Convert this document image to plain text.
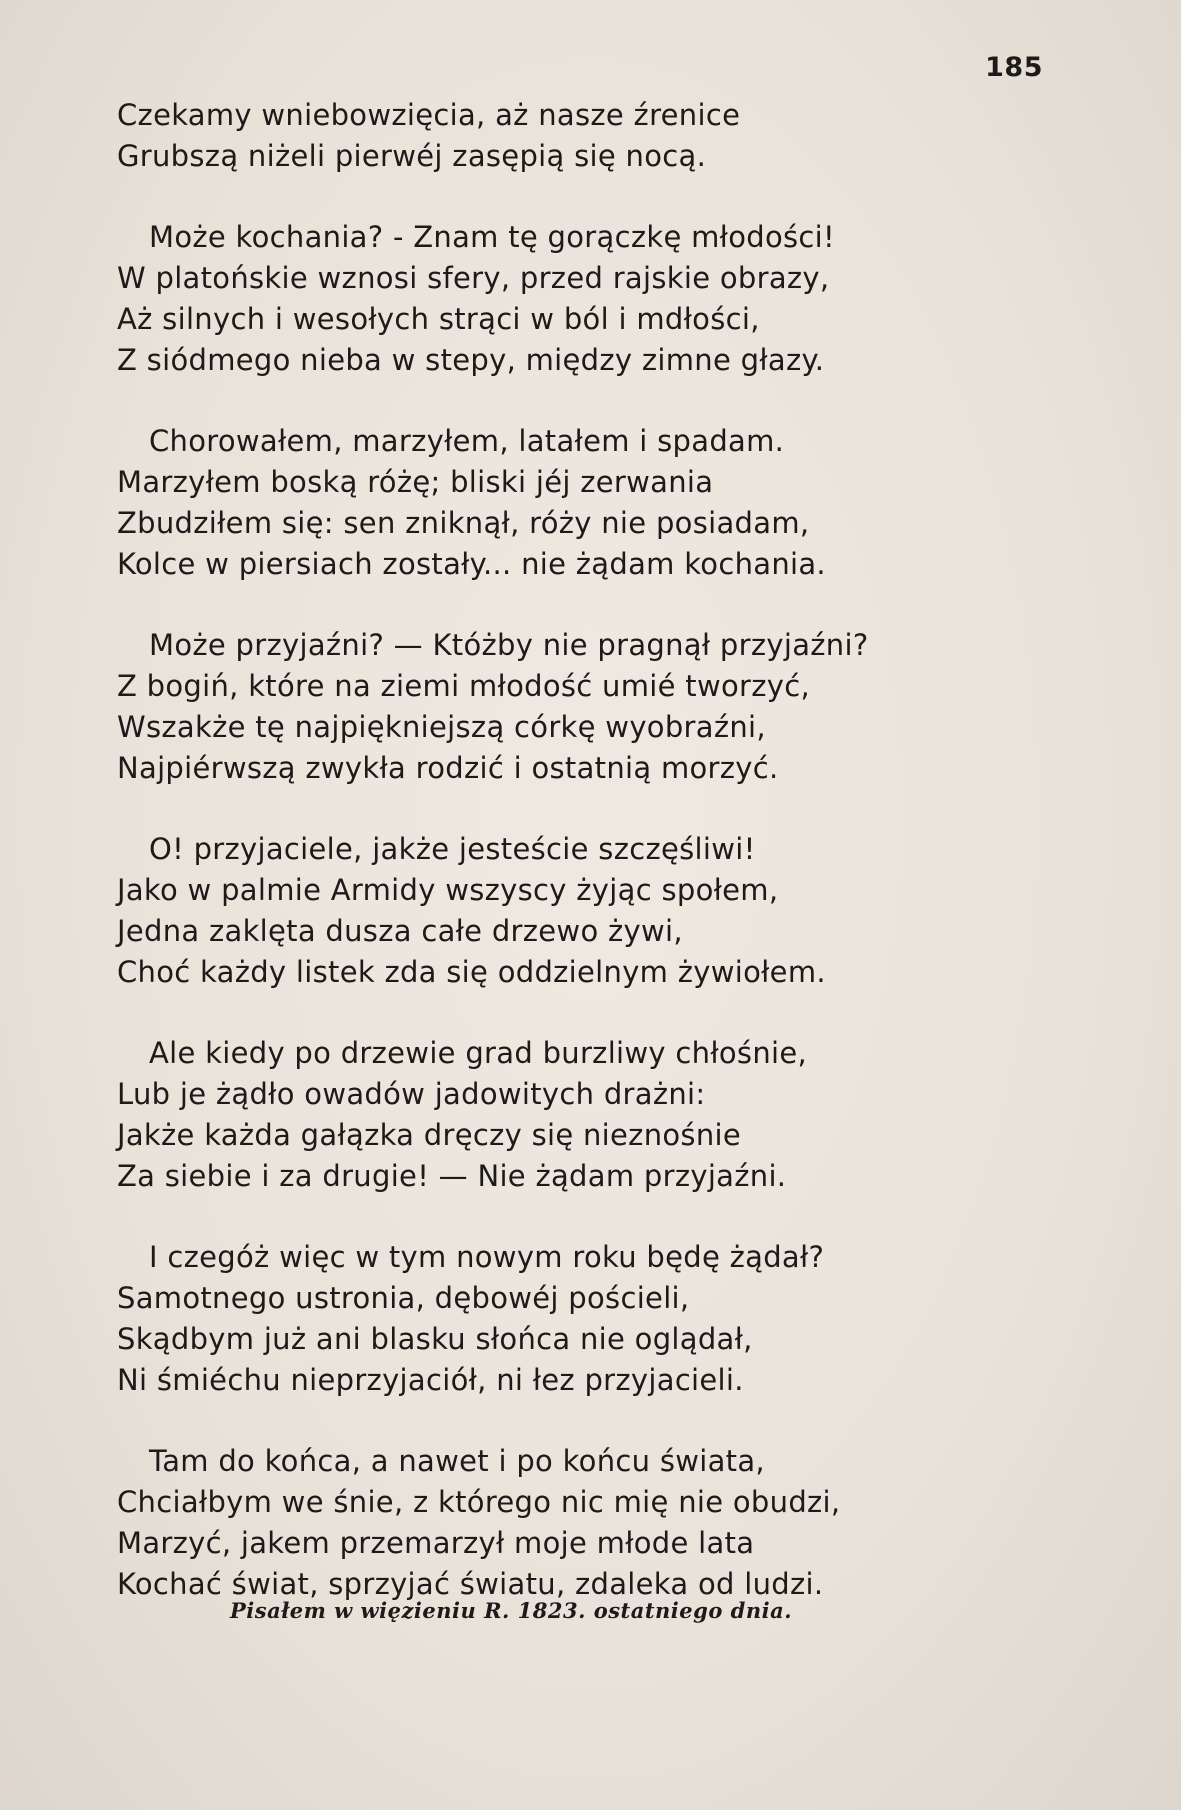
185
Czekamy wniebowzięcia, aż nasze źrenice
Grubszą niżeli pierwéj zasępią się nocą.
Może kochania? - Znam tę gorączkę młodości!
W platońskie wznosi sfery, przed rajskie obrazy,
Aż silnych i wesołych strąci w ból i mdłości,
Z siódmego nieba w stepy, między zimne głazy.
Chorowałem, marzyłem, latałem i spadam.
Marzyłem boską różę; bliski jéj zerwania
Zbudziłem się: sen zniknął, róży nie posiadam,
Kolce w piersiach zostały... nie żądam kochania.
Może przyjaźni? — Któżby nie pragnął przyjaźni?
Z bogiń, które na ziemi młodość umié tworzyć,
Wszakże tę najpiękniejszą córkę wyobraźni,
Najpiérwszą zwykła rodzić i ostatnią morzyć.
O! przyjaciele, jakże jesteście szczęśliwi!
Jako w palmie Armidy wszyscy żyjąc społem,
Jedna zaklęta dusza całe drzewo żywi,
Choć każdy listek zda się oddzielnym żywiołem.
Ale kiedy po drzewie grad burzliwy chłośnie,
Lub je żądło owadów jadowitych drażni:
Jakże każda gałązka dręczy się nieznośnie
Za siebie i za drugie! — Nie żądam przyjaźni.
I czegóż więc w tym nowym roku będę żądał?
Samotnego ustronia, dębowéj pościeli,
Skądbym już ani blasku słońca nie oglądał,
Ni śmiéchu nieprzyjaciół, ni łez przyjacieli.
Tam do końca, a nawet i po końcu świata,
Chciałbym we śnie, z którego nic mię nie obudzi,
Marzyć, jakem przemarzył moje młode lata
Kochać świat, sprzyjać światu, zdaleka od ludzi.
Pisałem w więzieniu R. 1823. ostatniego dnia.
